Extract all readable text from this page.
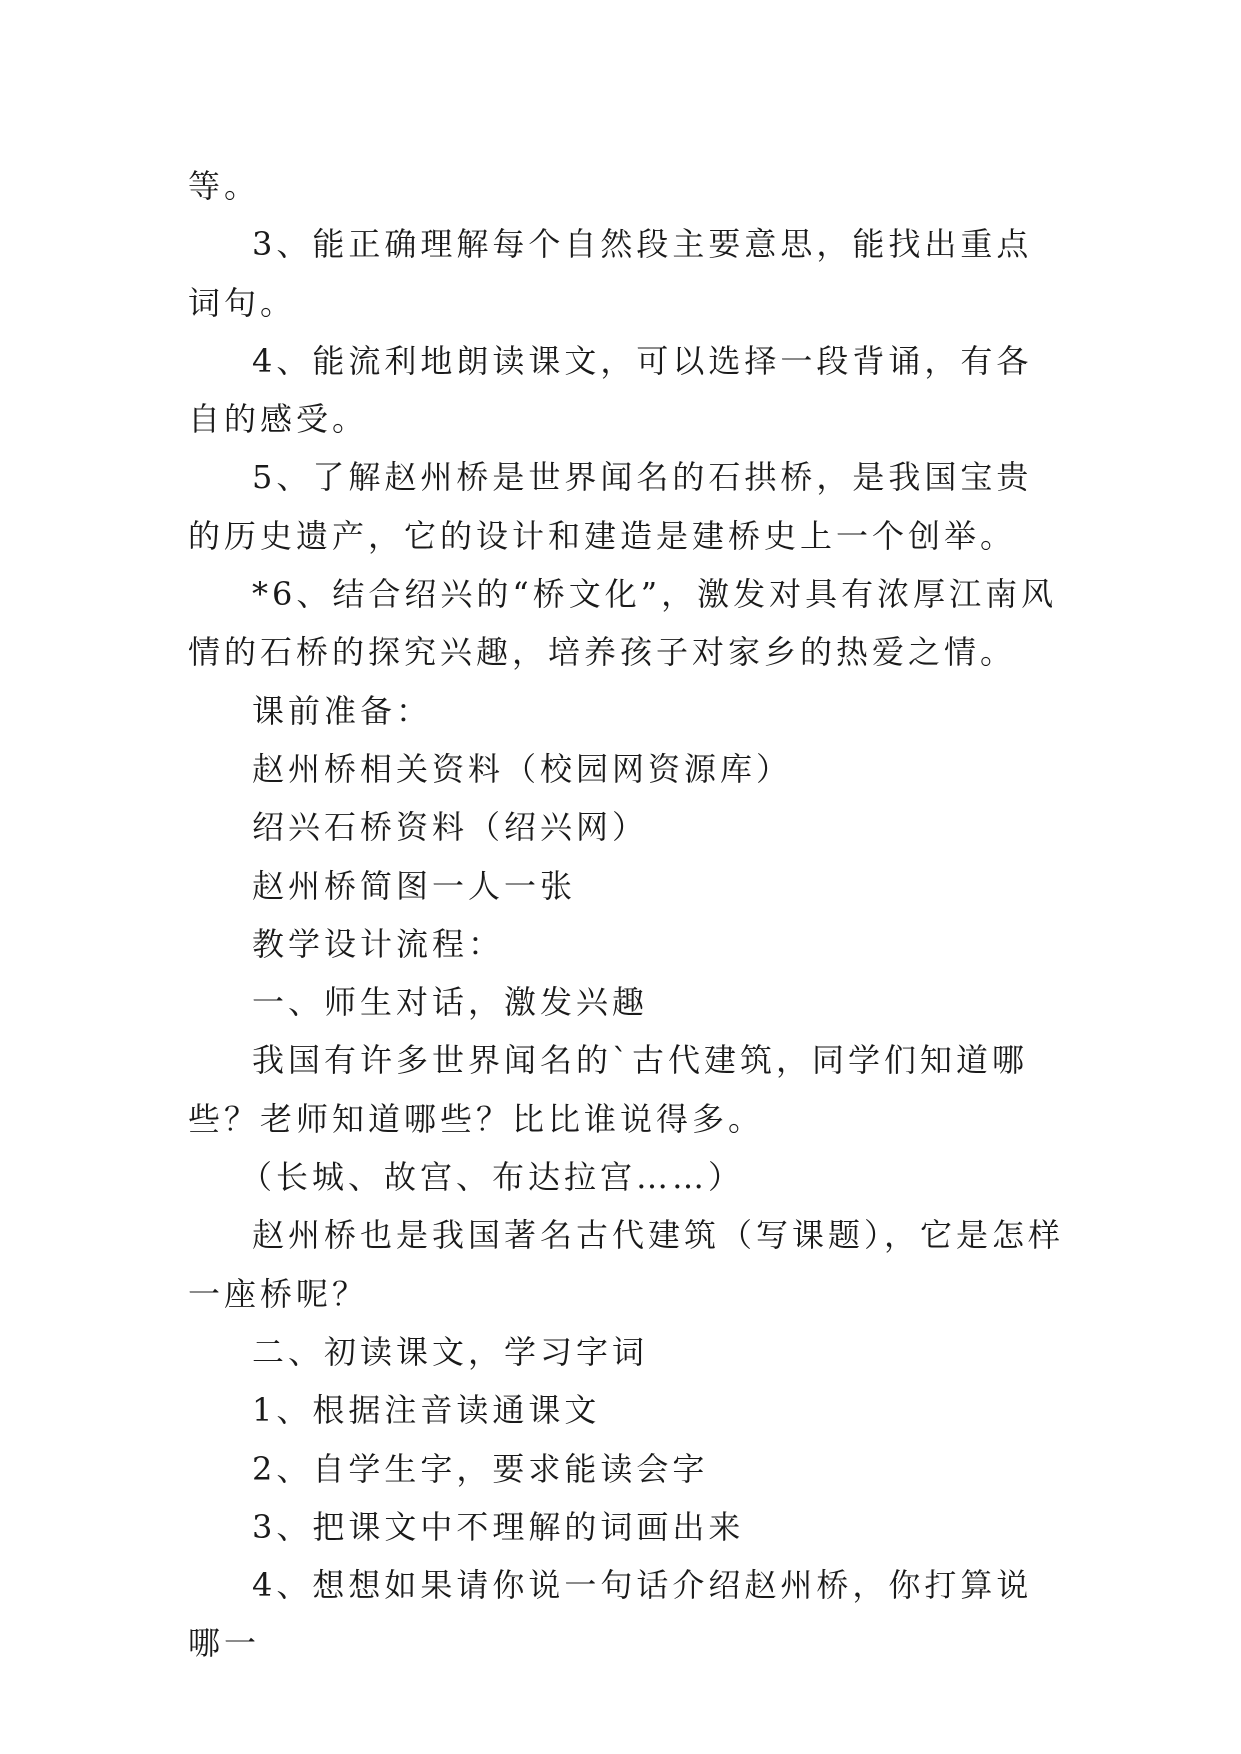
等。

3、能正确理解每个自然段主要意思，能找出重点词句。

4、能流利地朗读课文，可以选择一段背诵，有各自的感受。

5、了解赵州桥是世界闻名的石拱桥，是我国宝贵的历史遗产，它的设计和建造是建桥史上一个创举。

*6、结合绍兴的“桥文化”，激发对具有浓厚江南风情的石桥的探究兴趣，培养孩子对家乡的热爱之情。

课前准备：

赵州桥相关资料（校园网资源库）

绍兴石桥资料（绍兴网）

赵州桥简图一人一张

教学设计流程：

一、师生对话，激发兴趣

我国有许多世界闻名的`古代建筑，同学们知道哪些？老师知道哪些？比比谁说得多。

（长城、故宫、布达拉宫……）

赵州桥也是我国著名古代建筑（写课题），它是怎样一座桥呢？

二、初读课文，学习字词

1、根据注音读通课文

2、自学生字，要求能读会字

3、把课文中不理解的词画出来

4、想想如果请你说一句话介绍赵州桥，你打算说哪一
